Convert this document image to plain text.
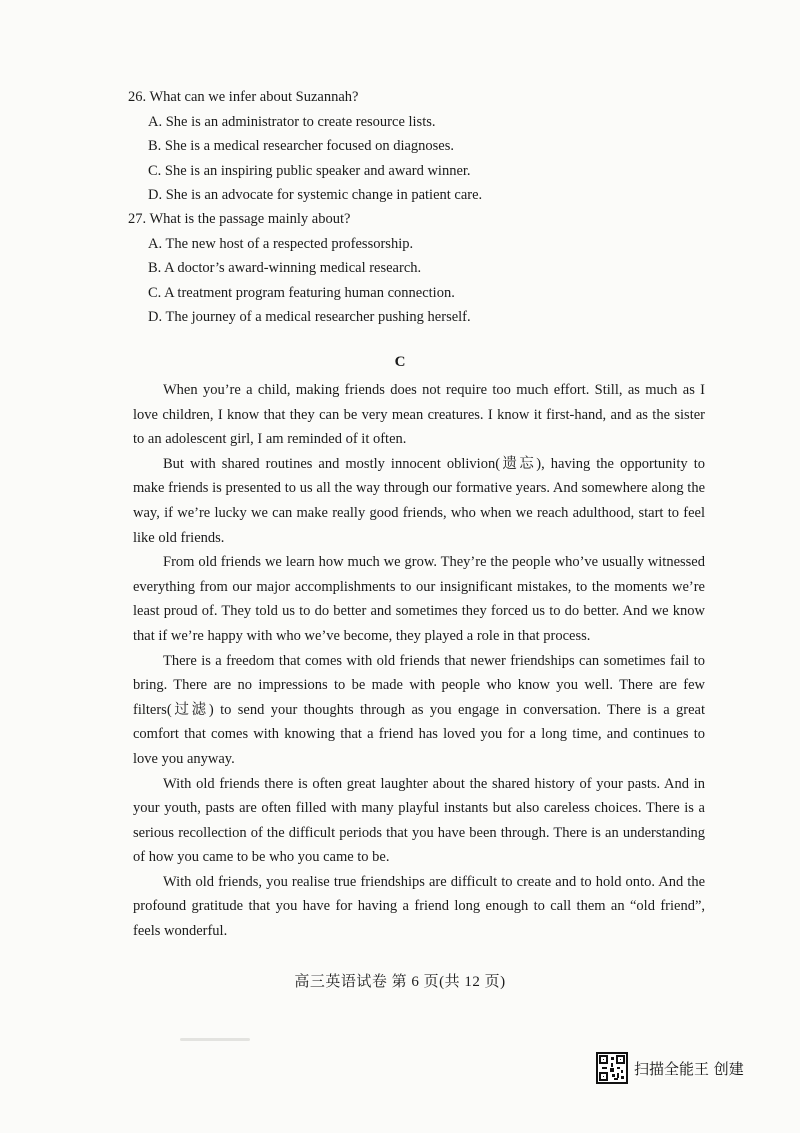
26. What can we infer about Suzannah?

A. She is an administrator to create resource lists.

B. She is a medical researcher focused on diagnoses.

C. She is an inspiring public speaker and award winner.

D. She is an advocate for systemic change in patient care.

27. What is the passage mainly about?

A. The new host of a respected professorship.

B. A doctor’s award-winning medical research.

C. A treatment program featuring human connection.

D. The journey of a medical researcher pushing herself.

C

When you’re a child, making friends does not require too much effort. Still, as much as I love children, I know that they can be very mean creatures. I know it first-hand, and as the sister to an adolescent girl, I am reminded of it often.

But with shared routines and mostly innocent oblivion(遗忘), having the opportunity to make friends is presented to us all the way through our formative years. And somewhere along the way, if we’re lucky we can make really good friends, who when we reach adulthood, start to feel like old friends.

From old friends we learn how much we grow. They’re the people who’ve usually witnessed everything from our major accomplishments to our insignificant mistakes, to the moments we’re least proud of. They told us to do better and sometimes they forced us to do better. And we know that if we’re happy with who we’ve become, they played a role in that process.

There is a freedom that comes with old friends that newer friendships can sometimes fail to bring. There are no impressions to be made with people who know you well. There are few filters(过滤) to send your thoughts through as you engage in conversation. There is a great comfort that comes with knowing that a friend has loved you for a long time, and continues to love you anyway.

With old friends there is often great laughter about the shared history of your pasts. And in your youth, pasts are often filled with many playful instants but also careless choices. There is a serious recollection of the difficult periods that you have been through. There is an understanding of how you came to be who you came to be.

With old friends, you realise true friendships are difficult to create and to hold onto. And the profound gratitude that you have for having a friend long enough to call them an “old friend”, feels wonderful.

高三英语试卷 第 6 页(共 12 页)
扫描全能王 创建
